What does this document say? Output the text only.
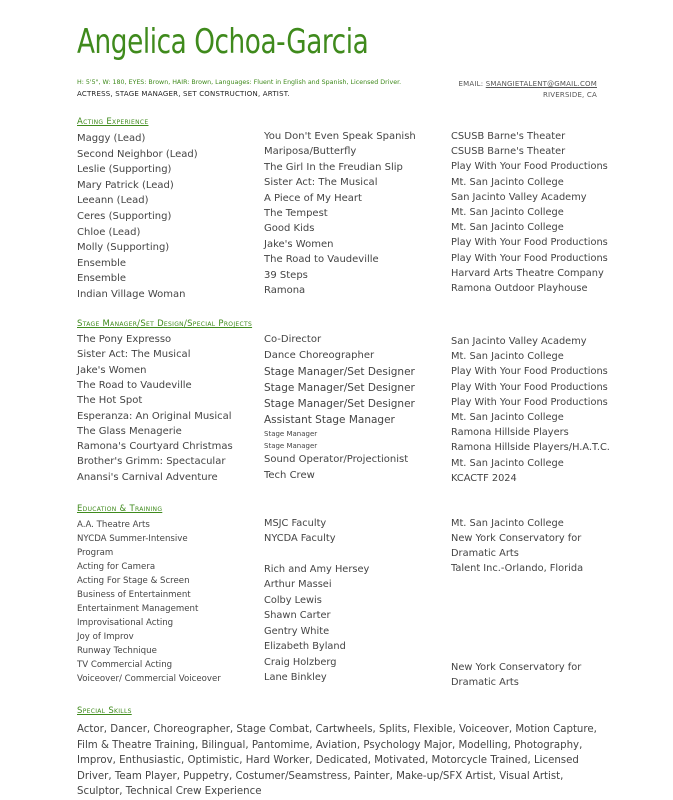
Angelica Ochoa-Garcia
H: 5'5", W: 180, EYES: Brown, HAIR: Brown, Languages: Fluent in English and Spanish, Licensed Driver.
ACTRESS, STAGE MANAGER, SET CONSTRUCTION, ARTIST.
EMAIL: SMANGIETALENT@GMAIL.COM
RIVERSIDE, CA
Acting Experience
Maggy (Lead)
Second Neighbor (Lead)
Leslie (Supporting)
Mary Patrick (Lead)
Leeann (Lead)
Ceres (Supporting)
Chloe (Lead)
Molly (Supporting)
Ensemble
Ensemble
Indian Village Woman
You Don't Even Speak Spanish
Mariposa/Butterfly
The Girl In the Freudian Slip
Sister Act: The Musical
A Piece of My Heart
The Tempest
Good Kids
Jake's Women
The Road to Vaudeville
39 Steps
Ramona
CSUSB Barne's Theater
CSUSB Barne's Theater
Play With Your Food Productions
Mt. San Jacinto College
San Jacinto Valley Academy
Mt. San Jacinto College
Mt. San Jacinto College
Play With Your Food Productions
Play With Your Food Productions
Harvard Arts Theatre Company
Ramona Outdoor Playhouse
Stage Manager/Set Design/Special Projects
The Pony Expresso
Sister Act: The Musical
Jake's Women
The Road to Vaudeville
The Hot Spot
Esperanza: An Original Musical
The Glass Menagerie
Ramona's Courtyard Christmas
Brother's Grimm: Spectacular
Anansi's Carnival Adventure
Co-Director
Dance Choreographer
Stage Manager/Set Designer
Stage Manager/Set Designer
Stage Manager/Set Designer
Assistant Stage Manager
Stage Manager
Stage Manager
Sound Operator/Projectionist
Tech Crew
San Jacinto Valley Academy
Mt. San Jacinto College
Play With Your Food Productions
Play With Your Food Productions
Play With Your Food Productions
Mt. San Jacinto College
Ramona Hillside Players
Ramona Hillside Players/H.A.T.C.
Mt. San Jacinto College
KCACTF 2024
Education & Training
A.A. Theatre Arts
NYCDA Summer-Intensive
Program
Acting for Camera
Acting For Stage & Screen
Business of Entertainment
Entertainment Management
Improvisational Acting
Joy of Improv
Runway Technique
TV Commercial Acting
Voiceover/ Commercial Voiceover
MSJC Faculty
NYCDA Faculty
Rich and Amy Hersey
Arthur Massei
Colby Lewis
Shawn Carter
Gentry White
Elizabeth Byland
Craig Holzberg
Lane Binkley
Mt. San Jacinto College
New York Conservatory for
Dramatic Arts
Talent Inc.-Orlando, Florida
New York Conservatory for
Dramatic Arts
Special Skills
Actor, Dancer, Choreographer, Stage Combat, Cartwheels, Splits, Flexible, Voiceover, Motion Capture, Film & Theatre Training, Bilingual, Pantomime, Aviation, Psychology Major, Modelling, Photography, Improv, Enthusiastic, Optimistic, Hard Worker, Dedicated, Motivated, Motorcycle Trained, Licensed Driver, Team Player, Puppetry, Costumer/Seamstress, Painter, Make-up/SFX Artist, Visual Artist, Sculptor, Technical Crew Experience
